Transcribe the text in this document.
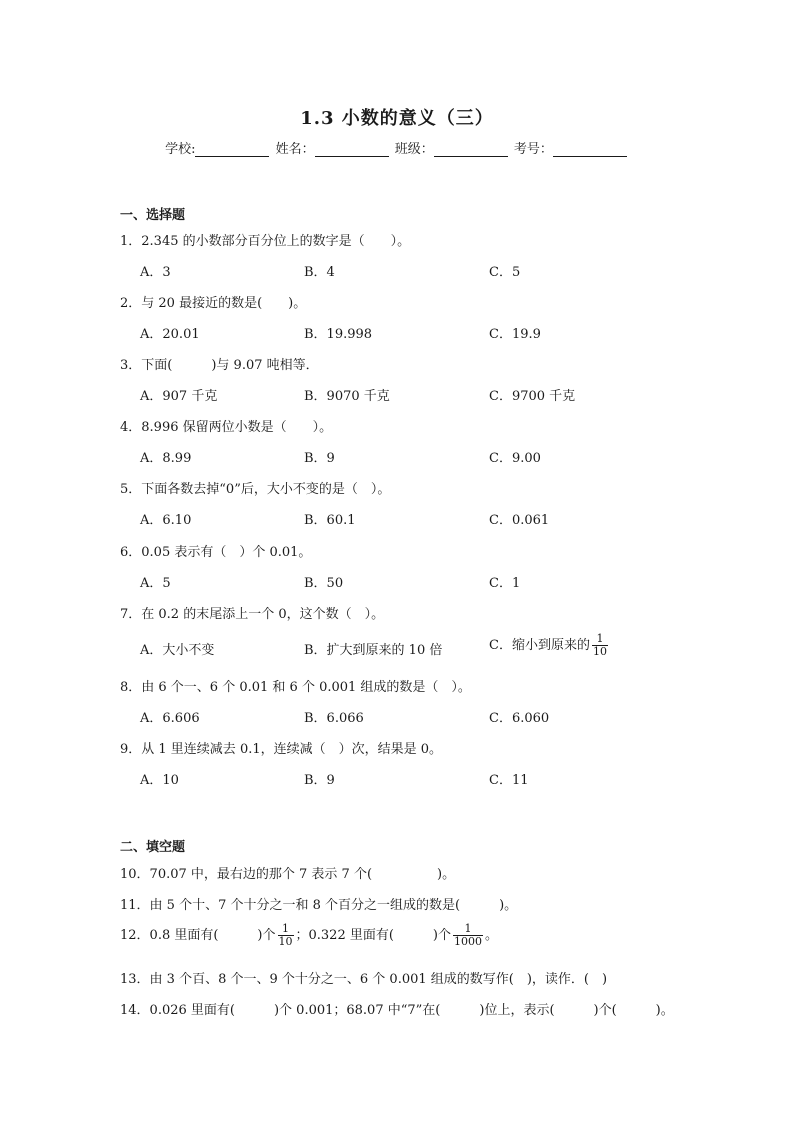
1.3 小数的意义（三）
学校:	姓名：	班级：	考号：
一、选择题
1．2.345 的小数部分百分位上的数字是（　　）。
A．3	B．4	C．5
2．与 20 最接近的数是(　　)。
A．20.01	B．19.998	C．19.9
3．下面(　　　)与 9.07 吨相等．
A．907 千克	B．9070 千克	C．9700 千克
4．8.996 保留两位小数是（　　）。
A．8.99	B．9	C．9.00
5．下面各数去掉“0”后，大小不变的是（　）。
A．6.10	B．60.1	C．0.061
6．0.05 表示有（　）个 0.01。
A．5	B．50	C．1
7．在 0.2 的末尾添上一个 0，这个数（　）。
A．大小不变	B．扩大到原来的 10 倍	C．缩小到原来的 $\frac{1}{10}$
8．由 6 个一、6 个 0.01 和 6 个 0.001 组成的数是（　）。
A．6.606	B．6.066	C．6.060
9．从 1 里连续减去 0.1，连续减（　）次，结果是 0。
A．10	B．9	C．11
二、填空题
10．70.07 中，最右边的那个 7 表示 7 个(　　　　　)。
11．由 5 个十、7 个十分之一和 8 个百分之一组成的数是(　　　)。
12．0.8 里面有(　　　)个 $\frac{1}{10}$ ；0.322 里面有(　　　)个 $\frac{1}{1000}$ 。
13．由 3 个百、8 个一、9 个十分之一、6 个 0.001 组成的数写作(　)，读作．(　)
14．0.026 里面有(　　　)个 0.001；68.07 中“7”在(　　　)位上，表示(　　　)个(　　　)。
